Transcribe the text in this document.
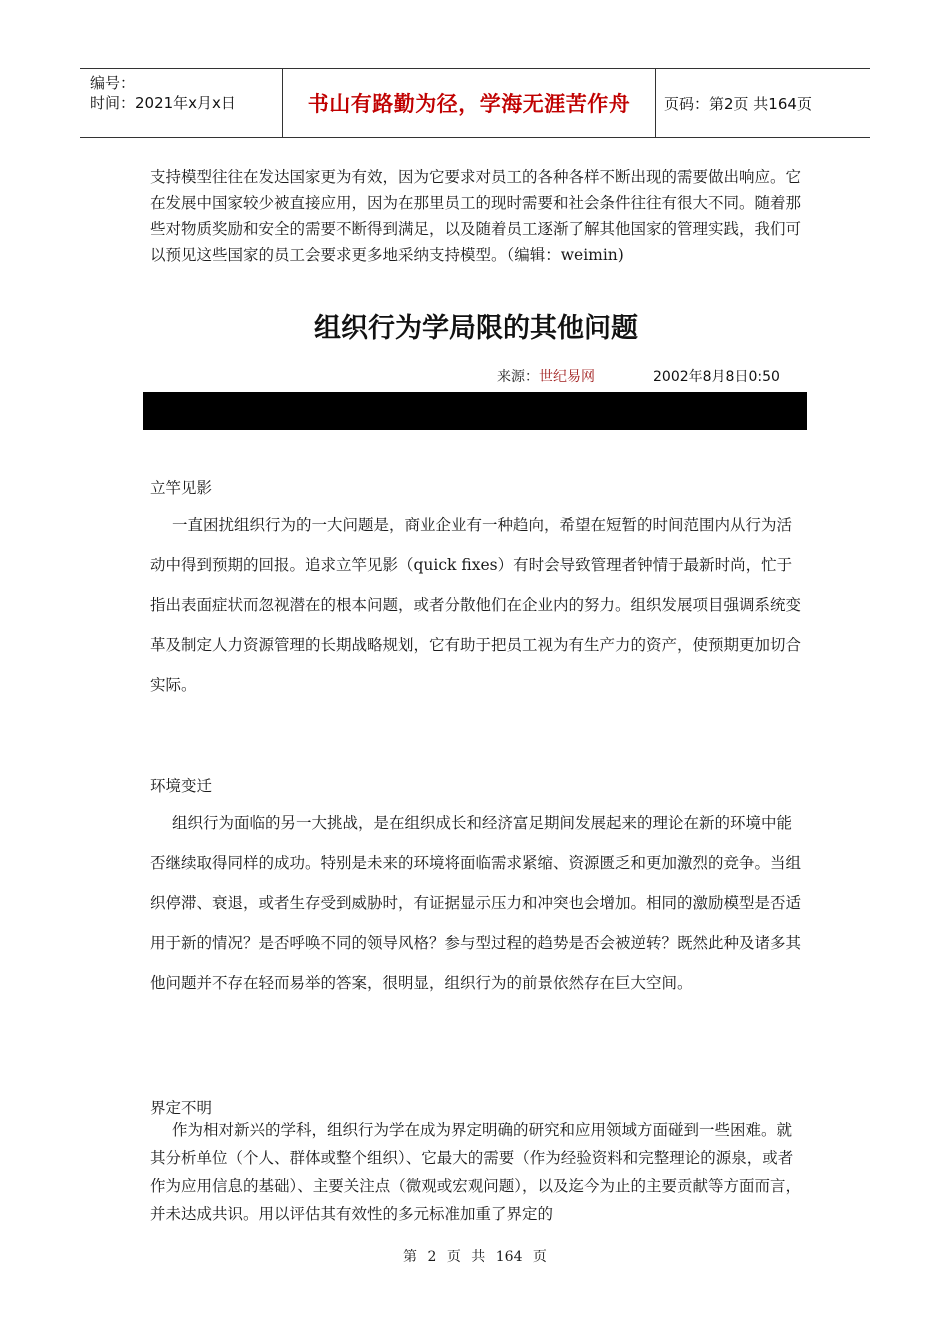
编号：
时间：2021年x月x日	书山有路勤为径，学海无涯苦作舟	页码：第2页 共164页

支持模型往往在发达国家更为有效，因为它要求对员工的各种各样不断出现的需要做出响应。它在发展中国家较少被直接应用，因为在那里员工的现时需要和社会条件往往有很大不同。随着那些对物质奖励和安全的需要不断得到满足，以及随着员工逐渐了解其他国家的管理实践，我们可以预见这些国家的员工会要求更多地采纳支持模型。（编辑：weimin)

组织行为学局限的其他问题
来源：世纪易网	2002年8月8日0:50
立竿见影

一直困扰组织行为的一大问题是，商业企业有一种趋向，希望在短暂的时间范围内从行为活动中得到预期的回报。追求立竿见影（quick fixes）有时会导致管理者钟情于最新时尚，忙于指出表面症状而忽视潜在的根本问题，或者分散他们在企业内的努力。组织发展项目强调系统变革及制定人力资源管理的长期战略规划，它有助于把员工视为有生产力的资产，使预期更加切合实际。

环境变迁

组织行为面临的另一大挑战，是在组织成长和经济富足期间发展起来的理论在新的环境中能否继续取得同样的成功。特别是未来的环境将面临需求紧缩、资源匮乏和更加激烈的竞争。当组织停滞、衰退，或者生存受到威胁时，有证据显示压力和冲突也会增加。相同的激励模型是否适用于新的情况？是否呼唤不同的领导风格？参与型过程的趋势是否会被逆转？既然此种及诸多其他问题并不存在轻而易举的答案，很明显，组织行为的前景依然存在巨大空间。

界定不明

作为相对新兴的学科，组织行为学在成为界定明确的研究和应用领域方面碰到一些困难。就其分析单位（个人、群体或整个组织）、它最大的需要（作为经验资料和完整理论的源泉，或者作为应用信息的基础）、主要关注点（微观或宏观问题），以及迄今为止的主要贡献等方面而言，并未达成共识。用以评估其有效性的多元标准加重了界定的

第 2 页 共 164 页
